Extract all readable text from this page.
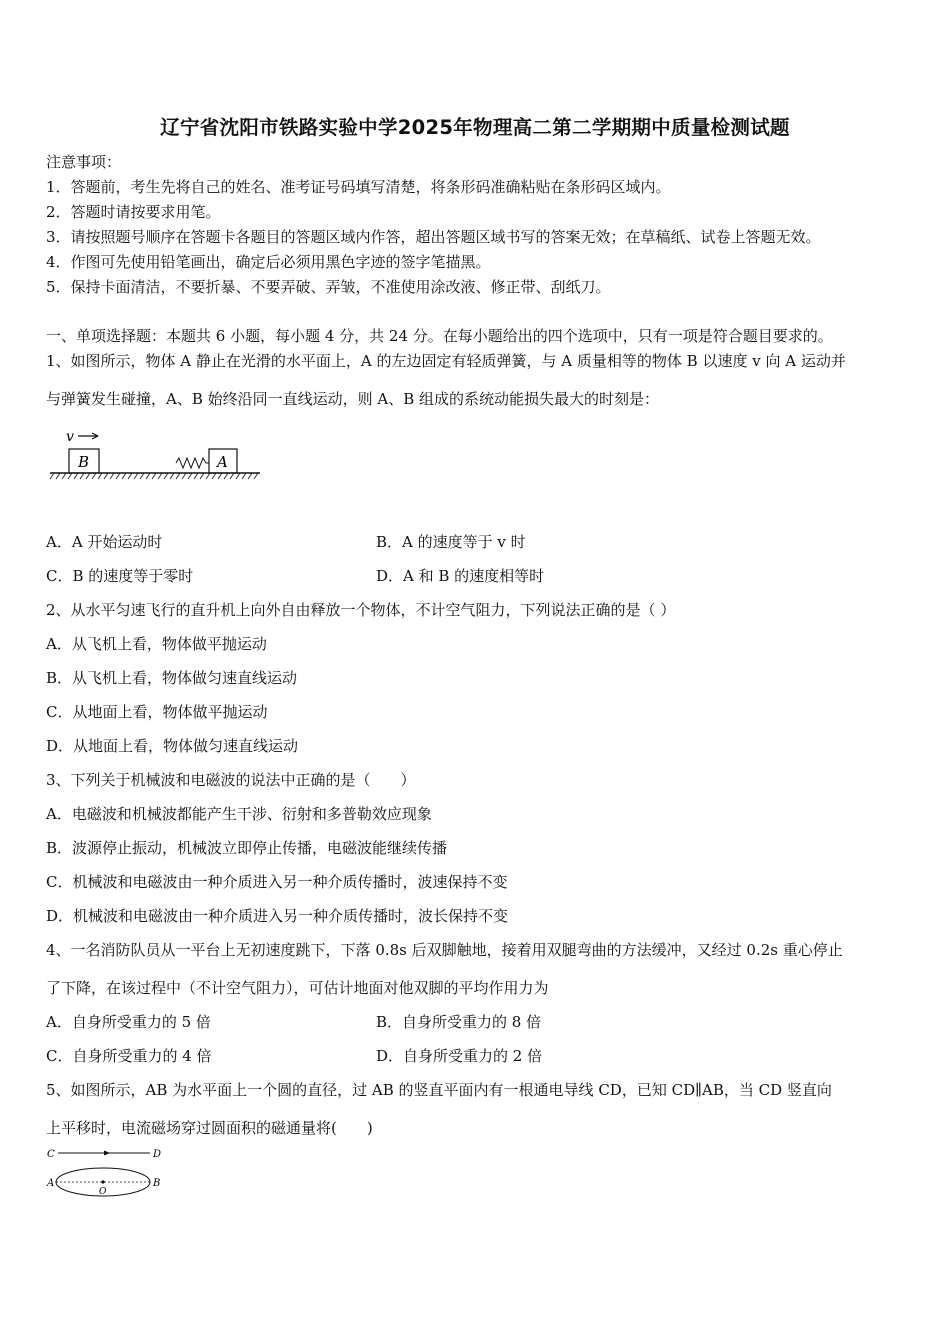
辽宁省沈阳市铁路实验中学2025年物理高二第二学期期中质量检测试题
注意事项：
1．答题前，考生先将自己的姓名、准考证号码填写清楚，将条形码准确粘贴在条形码区域内。
2．答题时请按要求用笔。
3．请按照题号顺序在答题卡各题目的答题区域内作答，超出答题区域书写的答案无效；在草稿纸、试卷上答题无效。
4．作图可先使用铅笔画出，确定后必须用黑色字迹的签字笔描黑。
5．保持卡面清洁，不要折暴、不要弄破、弄皱，不准使用涂改液、修正带、刮纸刀。
一、单项选择题：本题共 6 小题，每小题 4 分，共 24 分。在每小题给出的四个选项中，只有一项是符合题目要求的。
1、如图所示，物体 A 静止在光滑的水平面上，A 的左边固定有轻质弹簧，与 A 质量相等的物体 B 以速度 v 向 A 运动并
与弹簧发生碰撞，A、B 始终沿同一直线运动，则 A、B 组成的系统动能损失最大的时刻是：
v
B	A
A．A 开始运动时	B．A 的速度等于 v 时
C．B 的速度等于零时	D．A 和 B 的速度相等时
2、从水平匀速飞行的直升机上向外自由释放一个物体，不计空气阻力，下列说法正确的是（ ）
A．从飞机上看，物体做平抛运动
B．从飞机上看，物体做匀速直线运动
C．从地面上看，物体做平抛运动
D．从地面上看，物体做匀速直线运动
3、下列关于机械波和电磁波的说法中正确的是（　　）
A．电磁波和机械波都能产生干涉、衍射和多普勒效应现象
B．波源停止振动，机械波立即停止传播，电磁波能继续传播
C．机械波和电磁波由一种介质进入另一种介质传播时，波速保持不变
D．机械波和电磁波由一种介质进入另一种介质传播时，波长保持不变
4、一名消防队员从一平台上无初速度跳下，下落 0.8s 后双脚触地，接着用双腿弯曲的方法缓冲，又经过 0.2s 重心停止
了下降，在该过程中（不计空气阻力），可估计地面对他双脚的平均作用力为
A．自身所受重力的 5 倍	B．自身所受重力的 8 倍
C．自身所受重力的 4 倍	D．自身所受重力的 2 倍
5、如图所示，AB 为水平面上一个圆的直径，过 AB 的竖直平面内有一根通电导线 CD，已知 CD∥AB，当 CD 竖直向
上平移时，电流磁场穿过圆面积的磁通量将(　　)
C	D
A
O
B
